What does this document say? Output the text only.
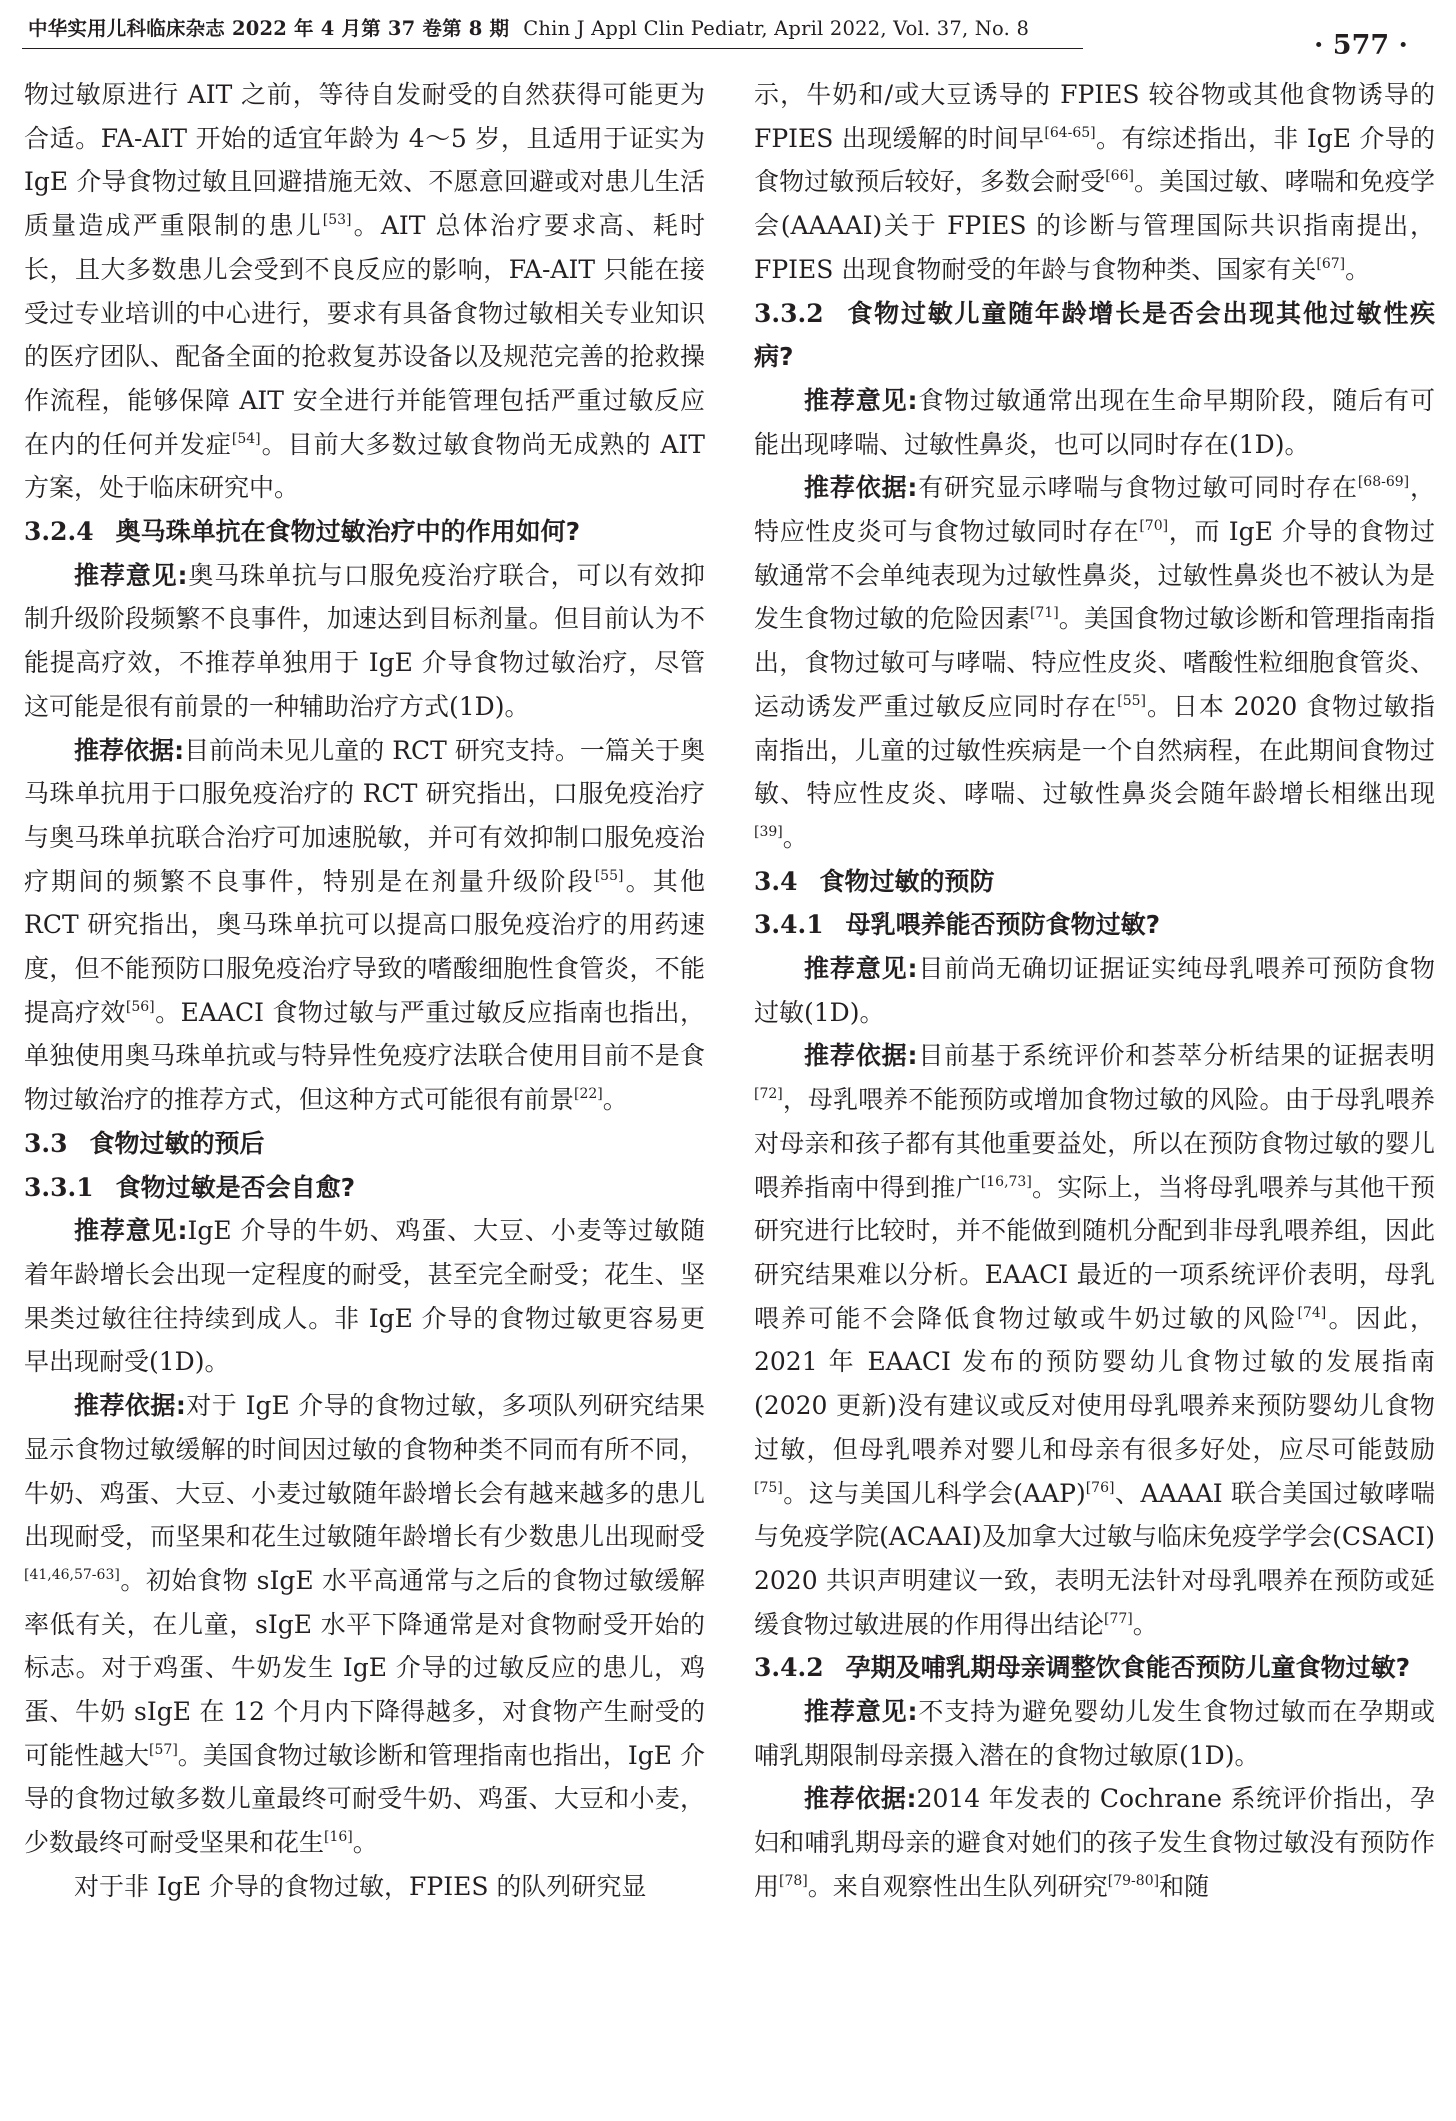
中华实用儿科临床杂志 2022 年 4 月第 37 卷第 8 期 Chin J Appl Clin Pediatr, April 2022, Vol. 37, No. 8
· 577 ·

物过敏原进行 AIT 之前，等待自发耐受的自然获得可能更为合适。FA-AIT 开始的适宜年龄为 4～5 岁，且适用于证实为 IgE 介导食物过敏且回避措施无效、不愿意回避或对患儿生活质量造成严重限制的患儿[53]。AIT 总体治疗要求高、耗时长，且大多数患儿会受到不良反应的影响，FA-AIT 只能在接受过专业培训的中心进行，要求有具备食物过敏相关专业知识的医疗团队、配备全面的抢救复苏设备以及规范完善的抢救操作流程，能够保障 AIT 安全进行并能管理包括严重过敏反应在内的任何并发症[54]。目前大多数过敏食物尚无成熟的 AIT 方案，处于临床研究中。

3.2.4 奥马珠单抗在食物过敏治疗中的作用如何?

推荐意见:奥马珠单抗与口服免疫治疗联合，可以有效抑制升级阶段频繁不良事件，加速达到目标剂量。但目前认为不能提高疗效，不推荐单独用于 IgE 介导食物过敏治疗，尽管这可能是很有前景的一种辅助治疗方式(1D)。

推荐依据:目前尚未见儿童的 RCT 研究支持。一篇关于奥马珠单抗用于口服免疫治疗的 RCT 研究指出，口服免疫治疗与奥马珠单抗联合治疗可加速脱敏，并可有效抑制口服免疫治疗期间的频繁不良事件，特别是在剂量升级阶段[55]。其他 RCT 研究指出，奥马珠单抗可以提高口服免疫治疗的用药速度，但不能预防口服免疫治疗导致的嗜酸细胞性食管炎，不能提高疗效[56]。EAACI 食物过敏与严重过敏反应指南也指出，单独使用奥马珠单抗或与特异性免疫疗法联合使用目前不是食物过敏治疗的推荐方式，但这种方式可能很有前景[22]。

3.3 食物过敏的预后
3.3.1 食物过敏是否会自愈?

推荐意见:IgE 介导的牛奶、鸡蛋、大豆、小麦等过敏随着年龄增长会出现一定程度的耐受，甚至完全耐受；花生、坚果类过敏往往持续到成人。非 IgE 介导的食物过敏更容易更早出现耐受(1D)。

推荐依据:对于 IgE 介导的食物过敏，多项队列研究结果显示食物过敏缓解的时间因过敏的食物种类不同而有所不同，牛奶、鸡蛋、大豆、小麦过敏随年龄增长会有越来越多的患儿出现耐受，而坚果和花生过敏随年龄增长有少数患儿出现耐受[41,46,57-63]。初始食物 sIgE 水平高通常与之后的食物过敏缓解率低有关，在儿童，sIgE 水平下降通常是对食物耐受开始的标志。对于鸡蛋、牛奶发生 IgE 介导的过敏反应的患儿，鸡蛋、牛奶 sIgE 在 12 个月内下降得越多，对食物产生耐受的可能性越大[57]。美国食物过敏诊断和管理指南也指出，IgE 介导的食物过敏多数儿童最终可耐受牛奶、鸡蛋、大豆和小麦，少数最终可耐受坚果和花生[16]。

对于非 IgE 介导的食物过敏，FPIES 的队列研究显

示，牛奶和/或大豆诱导的 FPIES 较谷物或其他食物诱导的 FPIES 出现缓解的时间早[64-65]。有综述指出，非 IgE 介导的食物过敏预后较好，多数会耐受[66]。美国过敏、哮喘和免疫学会(AAAAI)关于 FPIES 的诊断与管理国际共识指南提出，FPIES 出现食物耐受的年龄与食物种类、国家有关[67]。

3.3.2 食物过敏儿童随年龄增长是否会出现其他过敏性疾病?

推荐意见:食物过敏通常出现在生命早期阶段，随后有可能出现哮喘、过敏性鼻炎，也可以同时存在(1D)。

推荐依据:有研究显示哮喘与食物过敏可同时存在[68-69]，特应性皮炎可与食物过敏同时存在[70]，而 IgE 介导的食物过敏通常不会单纯表现为过敏性鼻炎，过敏性鼻炎也不被认为是发生食物过敏的危险因素[71]。美国食物过敏诊断和管理指南指出，食物过敏可与哮喘、特应性皮炎、嗜酸性粒细胞食管炎、运动诱发严重过敏反应同时存在[55]。日本 2020 食物过敏指南指出，儿童的过敏性疾病是一个自然病程，在此期间食物过敏、特应性皮炎、哮喘、过敏性鼻炎会随年龄增长相继出现[39]。

3.4 食物过敏的预防
3.4.1 母乳喂养能否预防食物过敏?

推荐意见:目前尚无确切证据证实纯母乳喂养可预防食物过敏(1D)。

推荐依据:目前基于系统评价和荟萃分析结果的证据表明[72]，母乳喂养不能预防或增加食物过敏的风险。由于母乳喂养对母亲和孩子都有其他重要益处，所以在预防食物过敏的婴儿喂养指南中得到推广[16,73]。实际上，当将母乳喂养与其他干预研究进行比较时，并不能做到随机分配到非母乳喂养组，因此研究结果难以分析。EAACI 最近的一项系统评价表明，母乳喂养可能不会降低食物过敏或牛奶过敏的风险[74]。因此，2021 年 EAACI 发布的预防婴幼儿食物过敏的发展指南(2020 更新)没有建议或反对使用母乳喂养来预防婴幼儿食物过敏，但母乳喂养对婴儿和母亲有很多好处，应尽可能鼓励[75]。这与美国儿科学会(AAP)[76]、AAAAI 联合美国过敏哮喘与免疫学院(ACAAI)及加拿大过敏与临床免疫学学会(CSACI) 2020 共识声明建议一致，表明无法针对母乳喂养在预防或延缓食物过敏进展的作用得出结论[77]。

3.4.2 孕期及哺乳期母亲调整饮食能否预防儿童食物过敏?

推荐意见:不支持为避免婴幼儿发生食物过敏而在孕期或哺乳期限制母亲摄入潜在的食物过敏原(1D)。

推荐依据:2014 年发表的 Cochrane 系统评价指出，孕妇和哺乳期母亲的避食对她们的孩子发生食物过敏没有预防作用[78]。来自观察性出生队列研究[79-80]和随
